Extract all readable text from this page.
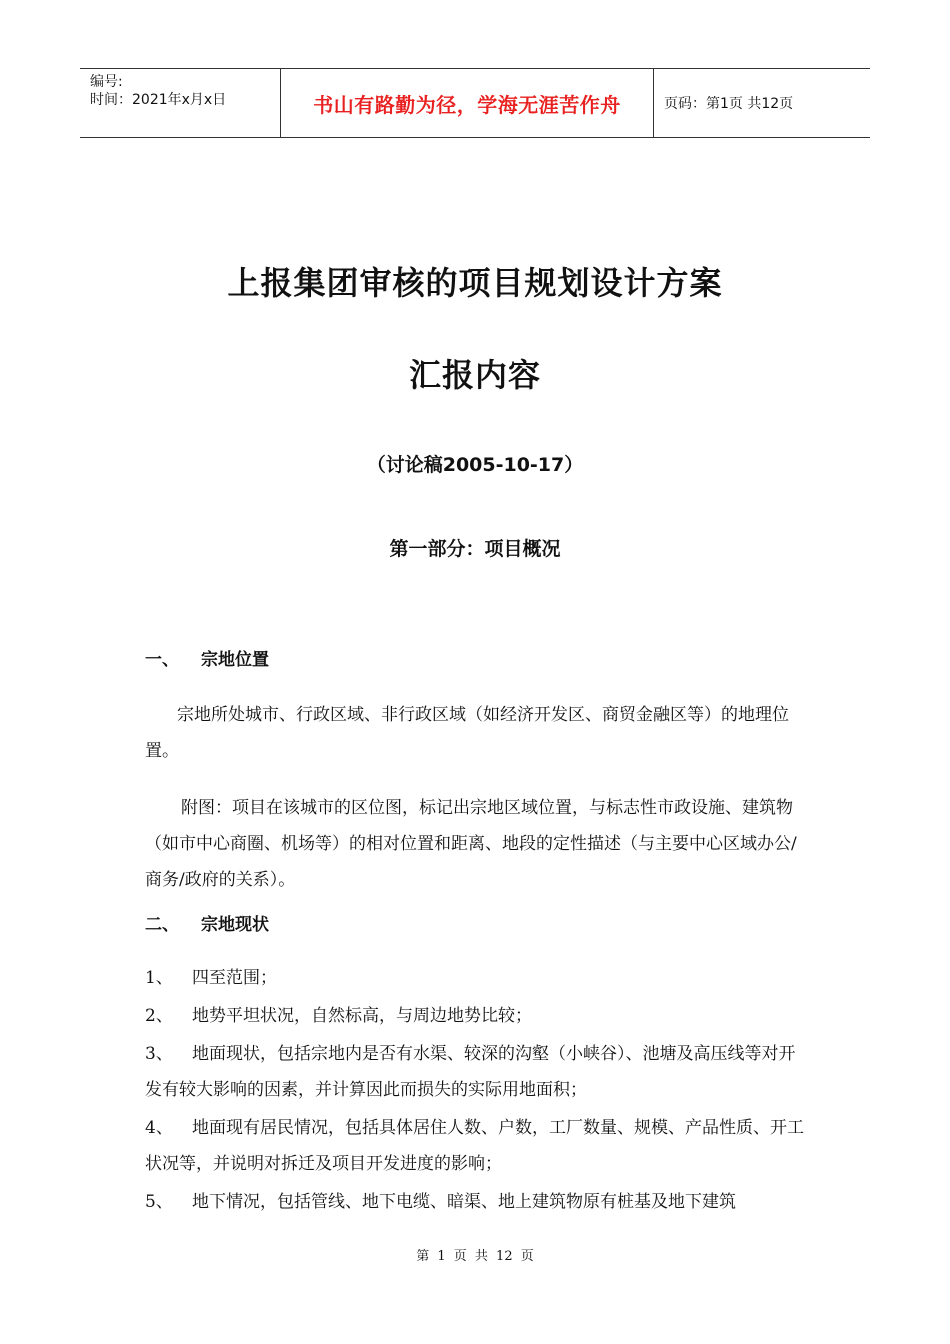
编号:
时间：2021年x月x日	书山有路勤为径，学海无涯苦作舟	页码：第1页 共12页
上报集团审核的项目规划设计方案
汇报内容
（讨论稿2005-10-17）
第一部分：项目概况
一、	宗地位置
宗地所处城市、行政区域、非行政区域（如经济开发区、商贸金融区等）的地理位置。
附图：项目在该城市的区位图，标记出宗地区域位置，与标志性市政设施、建筑物（如市中心商圈、机场等）的相对位置和距离、地段的定性描述（与主要中心区域办公/商务/政府的关系）。
二、	宗地现状
1、 四至范围；
2、 地势平坦状况，自然标高，与周边地势比较；
3、 地面现状，包括宗地内是否有水渠、较深的沟壑（小峡谷）、池塘及高压线等对开发有较大影响的因素，并计算因此而损失的实际用地面积；
4、 地面现有居民情况，包括具体居住人数、户数，工厂数量、规模、产品性质、开工状况等，并说明对拆迁及项目开发进度的影响；
5、 地下情况，包括管线、地下电缆、暗渠、地上建筑物原有桩基及地下建筑
第 1 页 共 12 页
